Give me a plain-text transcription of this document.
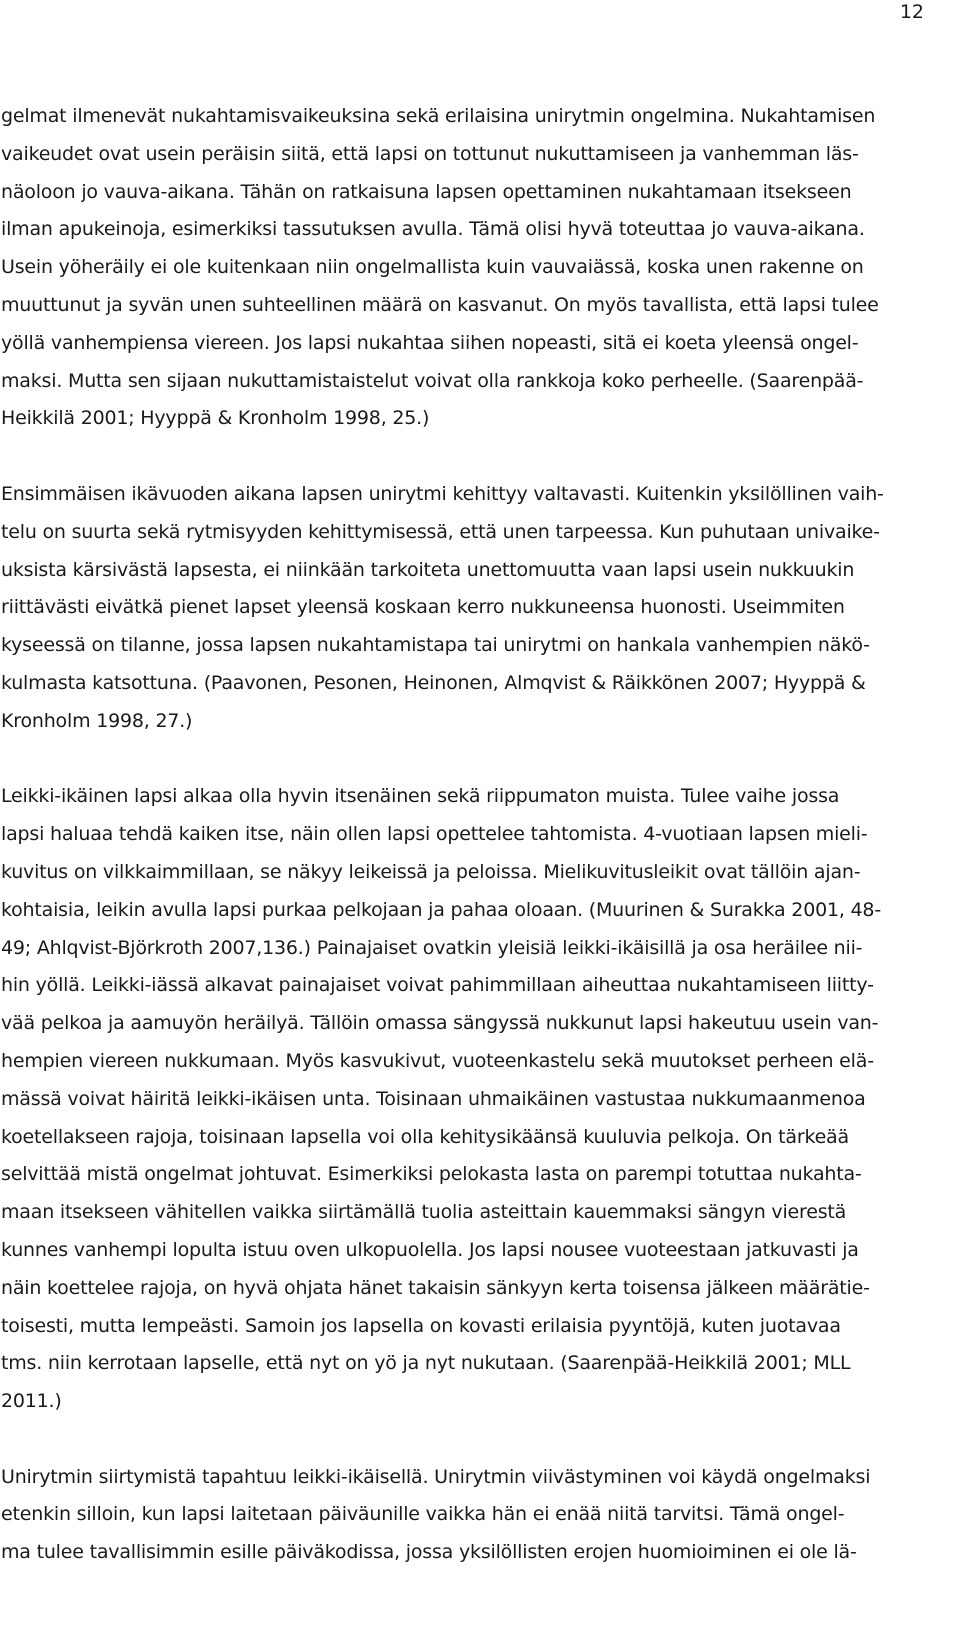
12
gelmat ilmenevät nukahtamisvaikeuksina sekä erilaisina unirytmin ongelmina. Nukahtamisen
vaikeudet ovat usein peräisin siitä, että lapsi on tottunut nukuttamiseen ja vanhemman läs-
näoloon jo vauva-aikana. Tähän on ratkaisuna lapsen opettaminen nukahtamaan itsekseen
ilman apukeinoja, esimerkiksi tassutuksen avulla. Tämä olisi hyvä toteuttaa jo vauva-aikana.
Usein yöheräily ei ole kuitenkaan niin ongelmallista kuin vauvaiässä, koska unen rakenne on
muuttunut ja syvän unen suhteellinen määrä on kasvanut. On myös tavallista, että lapsi tulee
yöllä vanhempiensa viereen. Jos lapsi nukahtaa siihen nopeasti, sitä ei koeta yleensä ongel-
maksi. Mutta sen sijaan nukuttamistaistelut voivat olla rankkoja koko perheelle. (Saarenpää-
Heikkilä 2001; Hyyppä & Kronholm 1998, 25.)
Ensimmäisen ikävuoden aikana lapsen unirytmi kehittyy valtavasti. Kuitenkin yksilöllinen vaih-
telu on suurta sekä rytmisyyden kehittymisessä, että unen tarpeessa. Kun puhutaan univaike-
uksista kärsivästä lapsesta, ei niinkään tarkoiteta unettomuutta vaan lapsi usein nukkuukin
riittävästi eivätkä pienet lapset yleensä koskaan kerro nukkuneensa huonosti. Useimmiten
kyseessä on tilanne, jossa lapsen nukahtamistapa tai unirytmi on hankala vanhempien näkö-
kulmasta katsottuna. (Paavonen, Pesonen, Heinonen, Almqvist & Räikkönen 2007; Hyyppä &
Kronholm 1998, 27.)
Leikki-ikäinen lapsi alkaa olla hyvin itsenäinen sekä riippumaton muista. Tulee vaihe jossa
lapsi haluaa tehdä kaiken itse, näin ollen lapsi opettelee tahtomista. 4-vuotiaan lapsen mieli-
kuvitus on vilkkaimmillaan, se näkyy leikeissä ja peloissa. Mielikuvitusleikit ovat tällöin ajan-
kohtaisia, leikin avulla lapsi purkaa pelkojaan ja pahaa oloaan. (Muurinen & Surakka 2001, 48-
49; Ahlqvist-Björkroth 2007,136.) Painajaiset ovatkin yleisiä leikki-ikäisillä ja osa heräilee nii-
hin yöllä. Leikki-iässä alkavat painajaiset voivat pahimmillaan aiheuttaa nukahtamiseen liitty-
vää pelkoa ja aamuyön heräilyä. Tällöin omassa sängyssä nukkunut lapsi hakeutuu usein van-
hempien viereen nukkumaan. Myös kasvukivut, vuoteenkastelu sekä muutokset perheen elä-
mässä voivat häiritä leikki-ikäisen unta. Toisinaan uhmaikäinen vastustaa nukkumaanmenoa
koetellakseen rajoja, toisinaan lapsella voi olla kehitysikäänsä kuuluvia pelkoja. On tärkeää
selvittää mistä ongelmat johtuvat. Esimerkiksi pelokasta lasta on parempi totuttaa nukahta-
maan itsekseen vähitellen vaikka siirtämällä tuolia asteittain kauemmaksi sängyn vierestä
kunnes vanhempi lopulta istuu oven ulkopuolella. Jos lapsi nousee vuoteestaan jatkuvasti ja
näin koettelee rajoja, on hyvä ohjata hänet takaisin sänkyyn kerta toisensa jälkeen määrätie-
toisesti, mutta lempeästi. Samoin jos lapsella on kovasti erilaisia pyyntöjä, kuten juotavaa
tms. niin kerrotaan lapselle, että nyt on yö ja nyt nukutaan. (Saarenpää-Heikkilä 2001; MLL
2011.)
Unirytmin siirtymistä tapahtuu leikki-ikäisellä. Unirytmin viivästyminen voi käydä ongelmaksi
etenkin silloin, kun lapsi laitetaan päiväunille vaikka hän ei enää niitä tarvitsi. Tämä ongel-
ma tulee tavallisimmin esille päiväkodissa, jossa yksilöllisten erojen huomioiminen ei ole lä-
